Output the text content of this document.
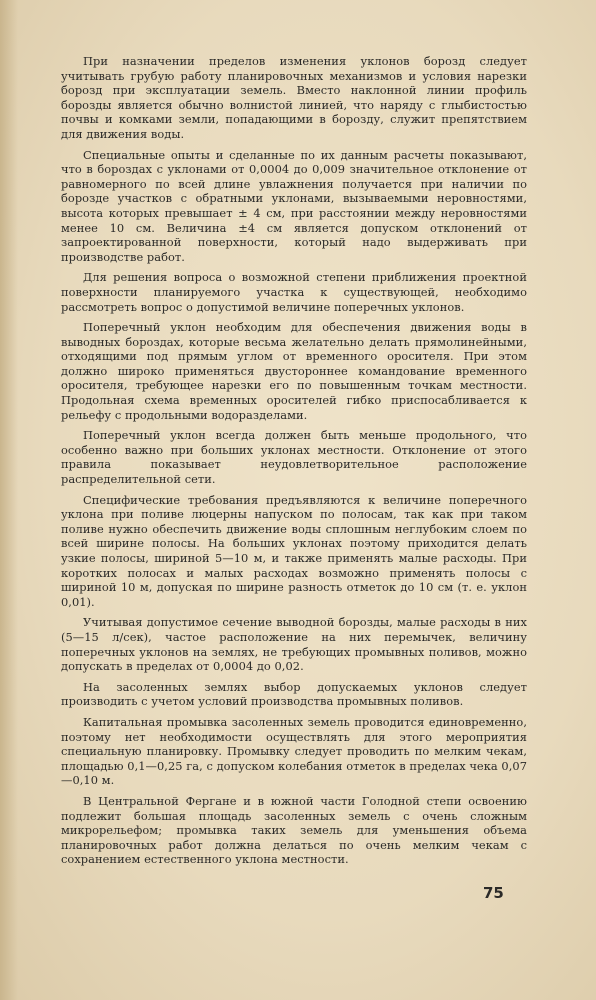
При назначении пределов изменения уклонов борозд следует учитывать грубую работу планировочных механизмов и условия нарезки борозд при эксплуатации земель. Вместо наклонной линии профиль борозды является обычно волнистой линией, что наряду с глыбистостью почвы и комками земли, попадающими в борозду, служит препятствием для движения воды.

Специальные опыты и сделанные по их данным расчеты показывают, что в бороздах с уклонами от 0,0004 до 0,009 значительное отклонение от равномерного по всей длине увлажнения получается при наличии по борозде участков с обратными уклонами, вызываемыми неровностями, высота которых превышает ± 4 см, при расстоянии между неровностями менее 10 см. Величина ±4 см является допуском отклонений от запроектированной поверхности, который надо выдерживать при производстве работ.

Для решения вопроса о возможной степени приближения проектной поверхности планируемого участка к существующей, необходимо рассмотреть вопрос о допустимой величине поперечных уклонов.

Поперечный уклон необходим для обеспечения движения воды в выводных бороздах, которые весьма желательно делать прямолинейными, отходящими под прямым углом от временного оросителя. При этом должно широко применяться двустороннее командование временного оросителя, требующее нарезки его по повышенным точкам местности. Продольная схема временных оросителей гибко приспосабливается к рельефу с продольными водоразделами.

Поперечный уклон всегда должен быть меньше продольного, что особенно важно при больших уклонах местности. Отклонение от этого правила показывает неудовлетворительное расположение распределительной сети.

Специфические требования предъявляются к величине поперечного уклона при поливе люцерны напуском по полосам, так как при таком поливе нужно обеспечить движение воды сплошным неглубоким слоем по всей ширине полосы. На больших уклонах поэтому приходится делать узкие полосы, шириной 5—10 м, и также применять малые расходы. При коротких полосах и малых расходах возможно применять полосы с шириной 10 м, допуская по ширине разность отметок до 10 см (т. е. уклон 0,01).

Учитывая допустимое сечение выводной борозды, малые расходы в них (5—15 л/сек), частое расположение на них перемычек, величину поперечных уклонов на землях, не требующих промывных поливов, можно допускать в пределах от 0,0004 до 0,02.

На засоленных землях выбор допускаемых уклонов следует производить с учетом условий производства промывных поливов.

Капитальная промывка засоленных земель проводится единовременно, поэтому нет необходимости осуществлять для этого мероприятия специальную планировку. Промывку следует проводить по мелким чекам, площадью 0,1—0,25 га, с допуском колебания отметок в пределах чека 0,07—0,10 м.

В Центральной Фергане и в южной части Голодной степи освоению подлежит большая площадь засоленных земель с очень сложным микрорельефом; промывка таких земель для уменьшения объема планировочных работ должна делаться по очень мелким чекам с сохранением естественного уклона местности.

75
